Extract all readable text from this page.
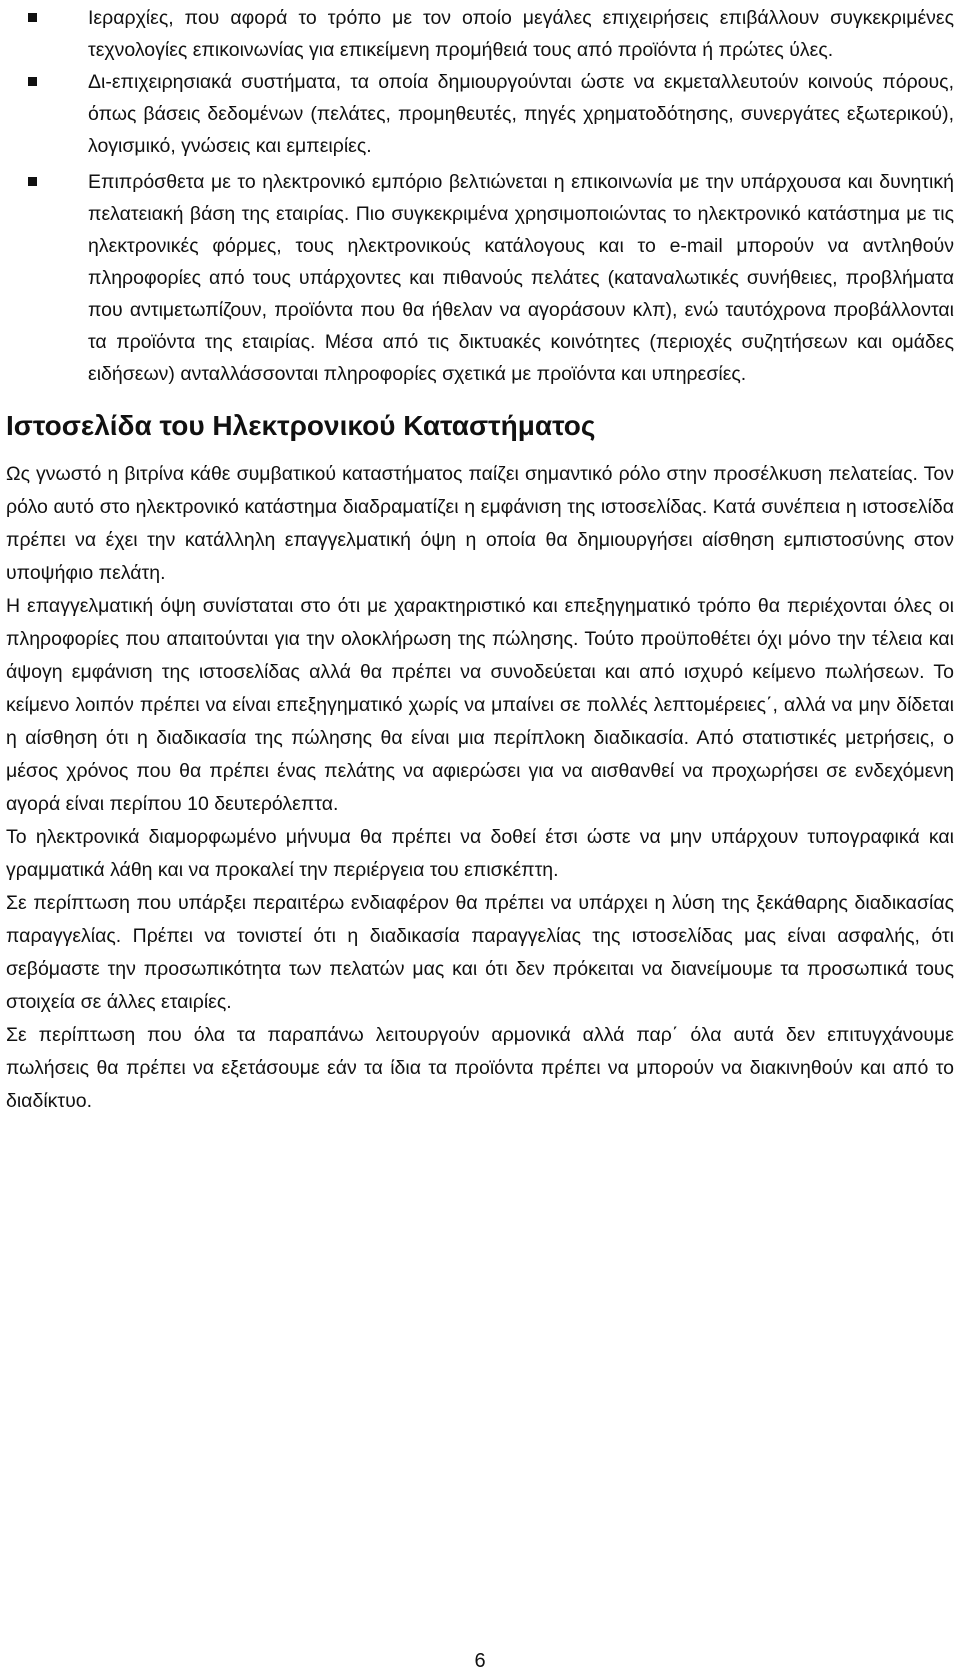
Ιεραρχίες, που αφορά το τρόπο με τον οποίο μεγάλες επιχειρήσεις επιβάλλουν συγκεκριμένες τεχνολογίες επικοινωνίας για επικείμενη προμήθειά τους από προϊόντα ή πρώτες ύλες.
Δι-επιχειρησιακά συστήματα, τα οποία δημιουργούνται ώστε να εκμεταλλευτούν κοινούς πόρους, όπως βάσεις δεδομένων (πελάτες, προμηθευτές, πηγές χρηματοδότησης, συνεργάτες εξωτερικού), λογισμικό, γνώσεις και εμπειρίες.
Επιπρόσθετα με το ηλεκτρονικό εμπόριο βελτιώνεται η επικοινωνία με την υπάρχουσα και δυνητική πελατειακή βάση της εταιρίας. Πιο συγκεκριμένα χρησιμοποιώντας το ηλεκτρονικό κατάστημα με τις ηλεκτρονικές φόρμες, τους ηλεκτρονικούς κατάλογους και το e-mail μπορούν να αντληθούν πληροφορίες από τους υπάρχοντες και πιθανούς πελάτες (καταναλωτικές συνήθειες, προβλήματα που αντιμετωπίζουν, προϊόντα που θα ήθελαν να αγοράσουν κλπ), ενώ ταυτόχρονα προβάλλονται τα προϊόντα της εταιρίας. Μέσα από τις δικτυακές κοινότητες (περιοχές συζητήσεων και ομάδες ειδήσεων) ανταλλάσσονται πληροφορίες σχετικά με προϊόντα και υπηρεσίες.
Ιστοσελίδα του Ηλεκτρονικού Καταστήματος

Ως γνωστό η βιτρίνα κάθε συμβατικού καταστήματος παίζει σημαντικό ρόλο στην προσέλκυση πελατείας. Τον ρόλο αυτό στο ηλεκτρονικό κατάστημα διαδραματίζει η εμφάνιση της ιστοσελίδας. Κατά συνέπεια η ιστοσελίδα πρέπει να έχει την κατάλληλη επαγγελματική όψη η οποία θα δημιουργήσει αίσθηση εμπιστοσύνης στον υποψήφιο πελάτη.

Η επαγγελματική όψη συνίσταται στο ότι με χαρακτηριστικό και επεξηγηματικό τρόπο θα περιέχονται όλες οι πληροφορίες που απαιτούνται για την ολοκλήρωση της πώλησης. Τούτο προϋποθέτει όχι μόνο την τέλεια και άψογη εμφάνιση της ιστοσελίδας αλλά θα πρέπει να συνοδεύεται και από ισχυρό κείμενο πωλήσεων. Το κείμενο λοιπόν πρέπει να είναι επεξηγηματικό χωρίς να μπαίνει σε πολλές λεπτομέρειες΄, αλλά να μην δίδεται η αίσθηση ότι η διαδικασία της πώλησης θα είναι μια περίπλοκη διαδικασία. Από στατιστικές μετρήσεις, ο μέσος χρόνος που θα πρέπει ένας πελάτης να αφιερώσει για να αισθανθεί να προχωρήσει σε ενδεχόμενη αγορά είναι περίπου 10 δευτερόλεπτα.

Το ηλεκτρονικά διαμορφωμένο μήνυμα θα πρέπει να δοθεί έτσι ώστε να μην υπάρχουν τυπογραφικά και γραμματικά λάθη και να προκαλεί την περιέργεια του επισκέπτη.

Σε περίπτωση που υπάρξει περαιτέρω ενδιαφέρον θα πρέπει να υπάρχει η λύση της ξεκάθαρης διαδικασίας παραγγελίας. Πρέπει να τονιστεί ότι η διαδικασία παραγγελίας της ιστοσελίδας μας είναι ασφαλής, ότι σεβόμαστε την προσωπικότητα των πελατών μας και ότι δεν πρόκειται να διανείμουμε τα προσωπικά τους στοιχεία σε άλλες εταιρίες.

Σε περίπτωση που όλα τα παραπάνω λειτουργούν αρμονικά αλλά παρ΄ όλα αυτά δεν επιτυγχάνουμε πωλήσεις θα πρέπει να εξετάσουμε εάν τα ίδια τα προϊόντα πρέπει να μπορούν να διακινηθούν και από το διαδίκτυο.

6
